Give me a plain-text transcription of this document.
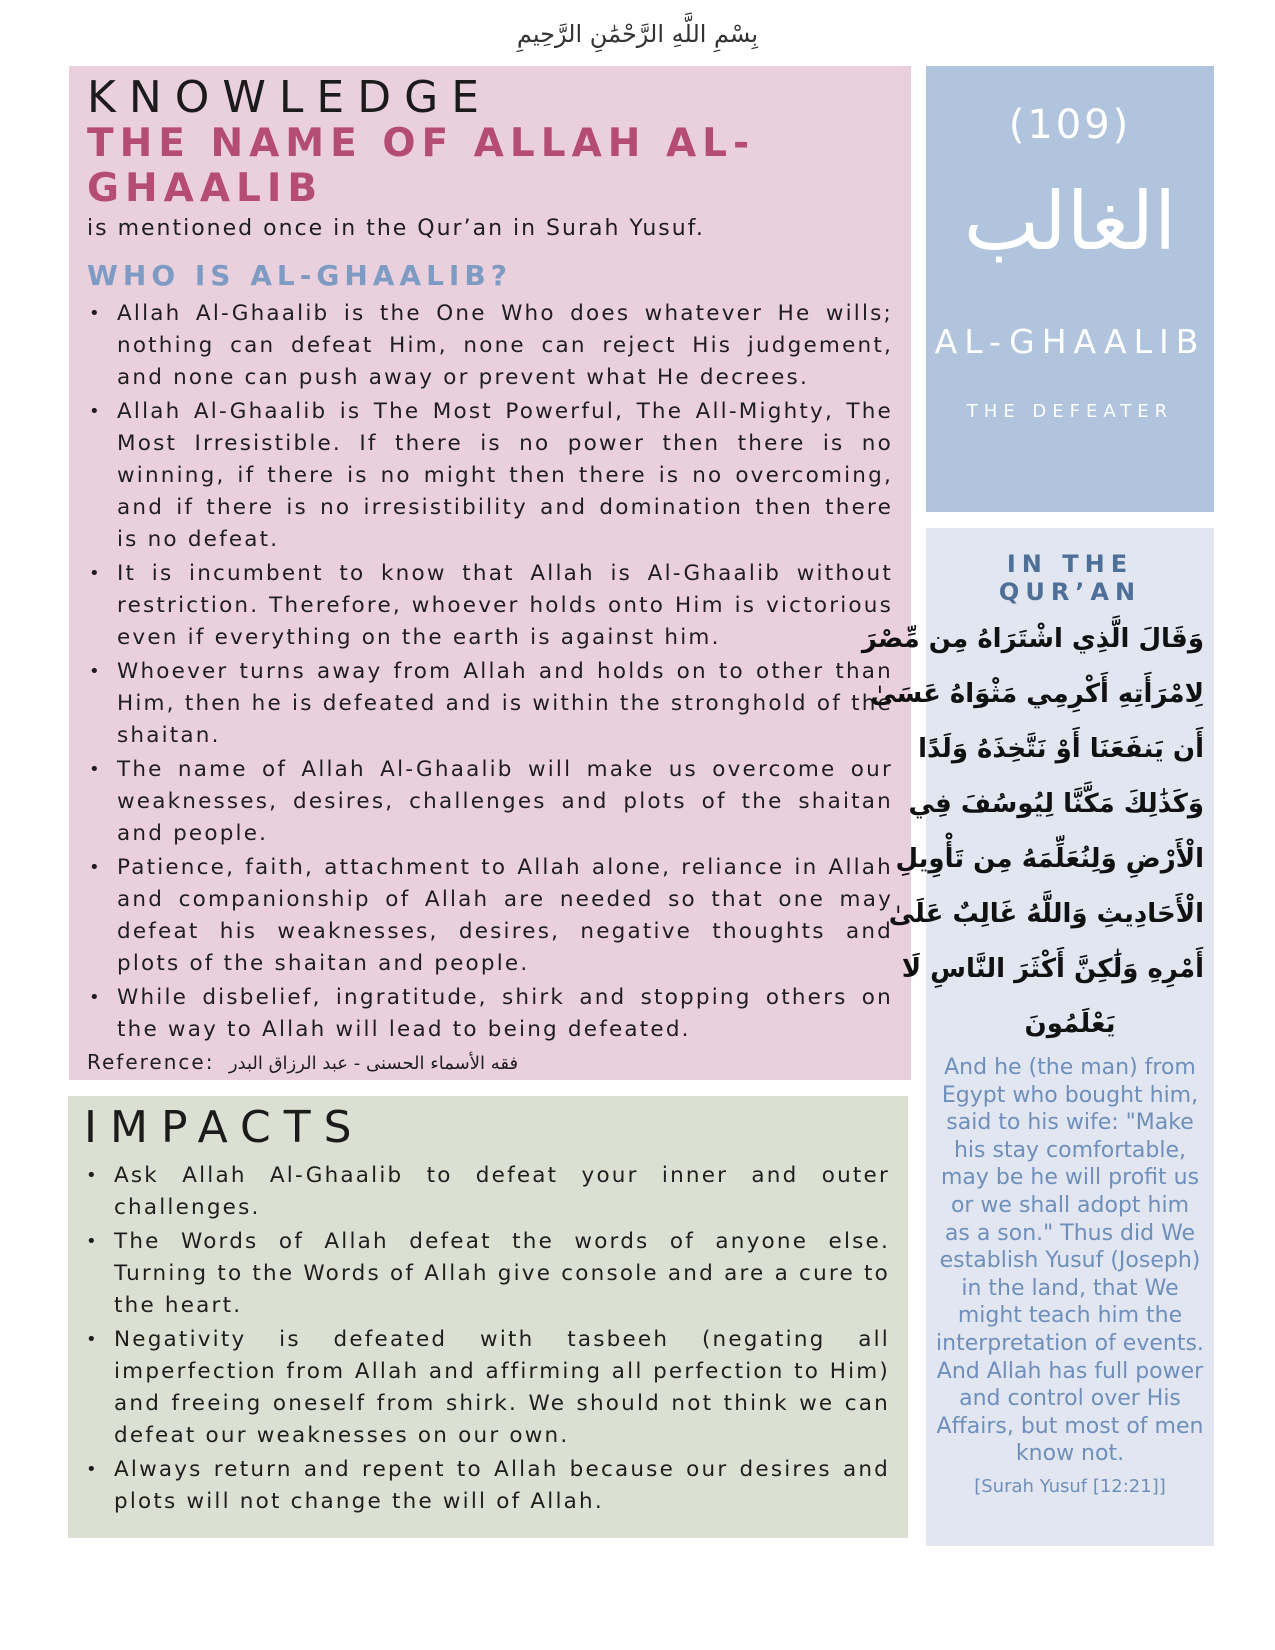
بِسْمِ اللَّهِ الرَّحْمَٰنِ الرَّحِيمِ
KNOWLEDGE
THE NAME OF ALLAH AL-GHAALIB

is mentioned once in the Qur’an in Surah Yusuf.

WHO IS AL-GHAALIB?
• Allah Al-Ghaalib is the One Who does whatever He wills; nothing can defeat Him, none can reject His judgement, and none can push away or prevent what He decrees.
• Allah Al-Ghaalib is The Most Powerful, The All-Mighty, The Most Irresistible. If there is no power then there is no winning, if there is no might then there is no overcoming, and if there is no irresistibility and domination then there is no defeat.
• It is incumbent to know that Allah is Al-Ghaalib without restriction. Therefore, whoever holds onto Him is victorious even if everything on the earth is against him.
• Whoever turns away from Allah and holds on to other than Him, then he is defeated and is within the stronghold of the shaitan.
• The name of Allah Al-Ghaalib will make us overcome our weaknesses, desires, challenges and plots of the shaitan and people.
• Patience, faith, attachment to Allah alone, reliance in Allah and companionship of Allah are needed so that one may defeat his weaknesses, desires, negative thoughts and plots of the shaitan and people.
• While disbelief, ingratitude, shirk and stopping others on the way to Allah will lead to being defeated.
Reference: فقه الأسماء الحسنى - عبد الرزاق البدر
IMPACTS
• Ask Allah Al-Ghaalib to defeat your inner and outer challenges.
• The Words of Allah defeat the words of anyone else. Turning to the Words of Allah give console and are a cure to the heart.
• Negativity is defeated with tasbeeh (negating all imperfection from Allah and affirming all perfection to Him) and freeing oneself from shirk. We should not think we can defeat our weaknesses on our own.
• Always return and repent to Allah because our desires and plots will not change the will of Allah.
(109)
الغالب
AL-GHAALIB
THE DEFEATER
IN THE QUR’AN
وَقَالَ الَّذِي اشْتَرَاهُ مِن مِّصْرَ
لِامْرَأَتِهِ أَكْرِمِي مَثْوَاهُ عَسَىٰ
أَن يَنفَعَنَا أَوْ نَتَّخِذَهُ وَلَدًا
وَكَذَٰلِكَ مَكَّنَّا لِيُوسُفَ فِي
الْأَرْضِ وَلِنُعَلِّمَهُ مِن تَأْوِيلِ
الْأَحَادِيثِ وَاللَّهُ غَالِبٌ عَلَىٰ
أَمْرِهِ وَلَٰكِنَّ أَكْثَرَ النَّاسِ لَا
يَعْلَمُونَ
And he (the man) from Egypt who bought him, said to his wife: "Make his stay comfortable, may be he will profit us or we shall adopt him as a son." Thus did We establish Yusuf (Joseph) in the land, that We might teach him the interpretation of events. And Allah has full power and control over His Affairs, but most of men know not.
[Surah Yusuf [12:21]]
